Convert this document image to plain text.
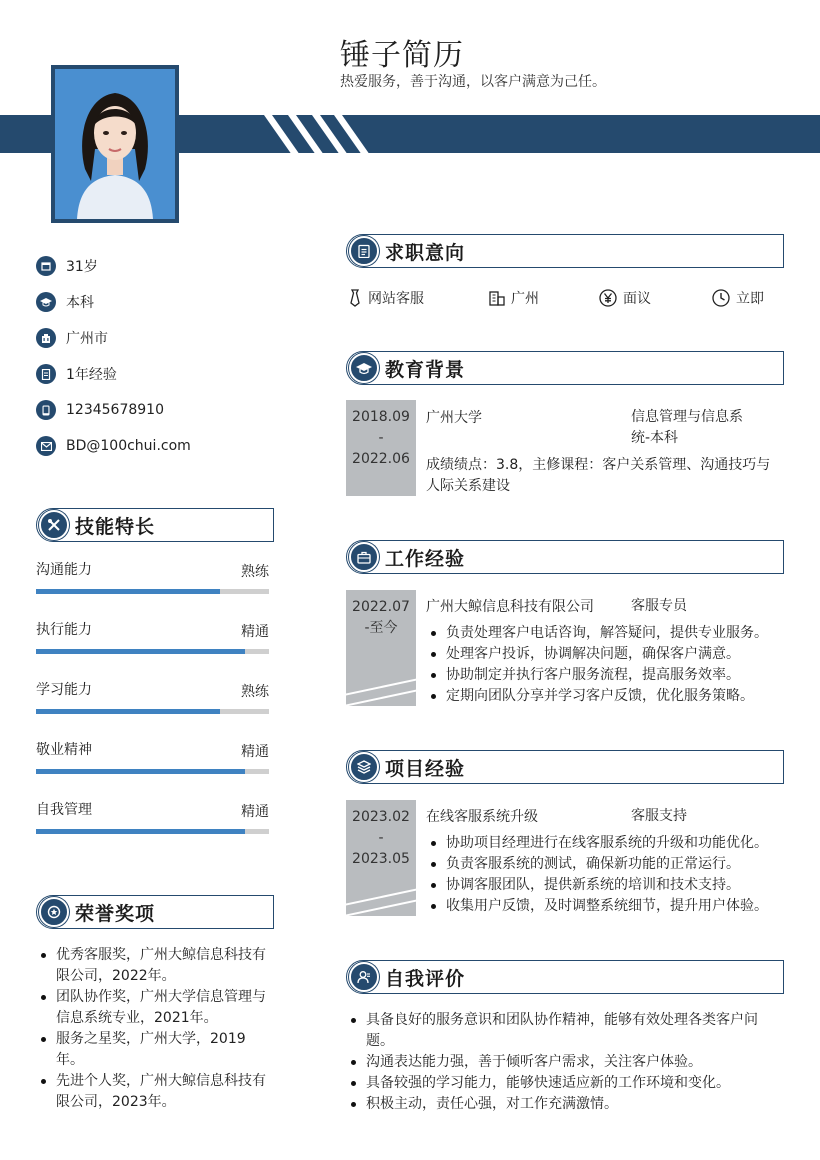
锤子简历
热爱服务，善于沟通，以客户满意为己任。
31岁
本科
广州市
1年经验
12345678910
BD@100chui.com
技能特长
沟通能力	熟练
执行能力	精通
学习能力	熟练
敬业精神	精通
自我管理	精通
荣誉奖项
优秀客服奖，广州大鲸信息科技有限公司，2022年。
团队协作奖，广州大学信息管理与信息系统专业，2021年。
服务之星奖，广州大学，2019年。
先进个人奖，广州大鲸信息科技有限公司，2023年。
求职意向
网站客服	广州	面议	立即
教育背景
2018.09
-
2022.06
广州大学	信息管理与信息系
统-本科
成绩绩点：3.8，主修课程：客户关系管理、沟通技巧与人际关系建设
工作经验
2022.07
-至今
广州大鲸信息科技有限公司	客服专员
负责处理客户电话咨询，解答疑问，提供专业服务。
处理客户投诉，协调解决问题，确保客户满意。
协助制定并执行客户服务流程，提高服务效率。
定期向团队分享并学习客户反馈，优化服务策略。
项目经验
2023.02
-
2023.05
在线客服系统升级	客服支持
协助项目经理进行在线客服系统的升级和功能优化。
负责客服系统的测试，确保新功能的正常运行。
协调客服团队，提供新系统的培训和技术支持。
收集用户反馈，及时调整系统细节，提升用户体验。
自我评价
具备良好的服务意识和团队协作精神，能够有效处理各类客户问题。
沟通表达能力强，善于倾听客户需求，关注客户体验。
具备较强的学习能力，能够快速适应新的工作环境和变化。
积极主动，责任心强，对工作充满激情。
